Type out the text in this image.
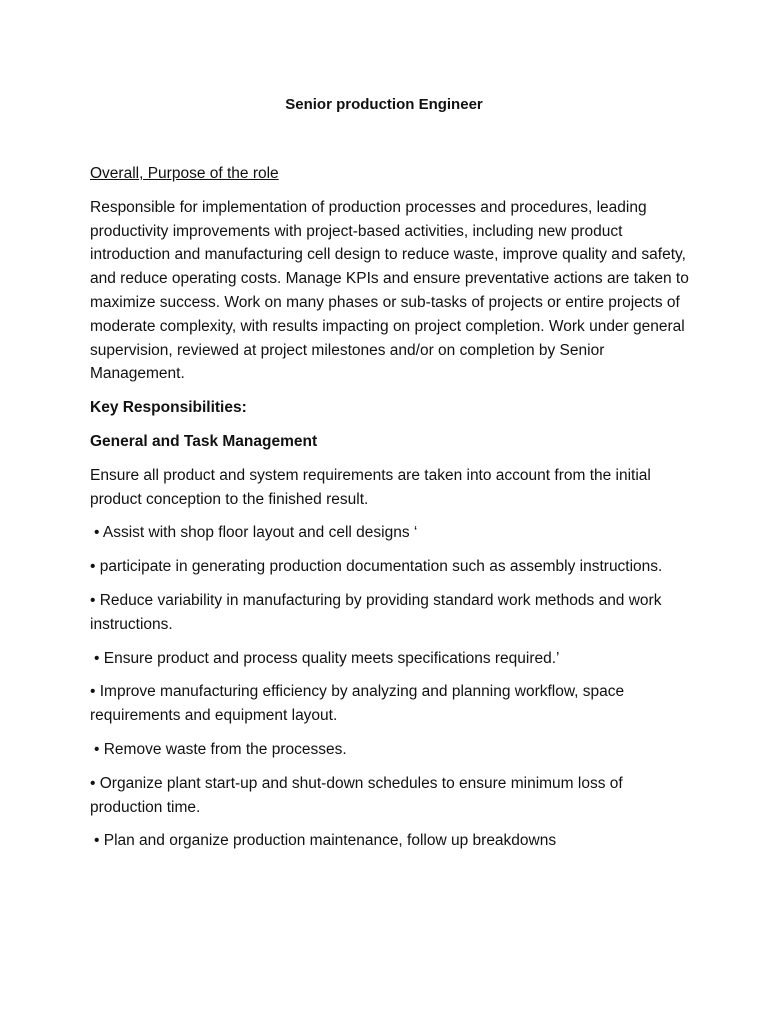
Senior production Engineer

Overall, Purpose of the role

Responsible for implementation of production processes and procedures, leading productivity improvements with project-based activities, including new product introduction and manufacturing cell design to reduce waste, improve quality and safety, and reduce operating costs. Manage KPIs and ensure preventative actions are taken to maximize success. Work on many phases or sub-tasks of projects or entire projects of moderate complexity, with results impacting on project completion. Work under general supervision, reviewed at project milestones and/or on completion by Senior Management.

Key Responsibilities:

General and Task Management

Ensure all product and system requirements are taken into account from the initial product conception to the finished result.

• Assist with shop floor layout and cell designs ‘

• participate in generating production documentation such as assembly instructions.

• Reduce variability in manufacturing by providing standard work methods and work instructions.

• Ensure product and process quality meets specifications required.’

• Improve manufacturing efficiency by analyzing and planning workflow, space requirements and equipment layout.

• Remove waste from the processes.

• Organize plant start-up and shut-down schedules to ensure minimum loss of production time.

• Plan and organize production maintenance, follow up breakdowns
